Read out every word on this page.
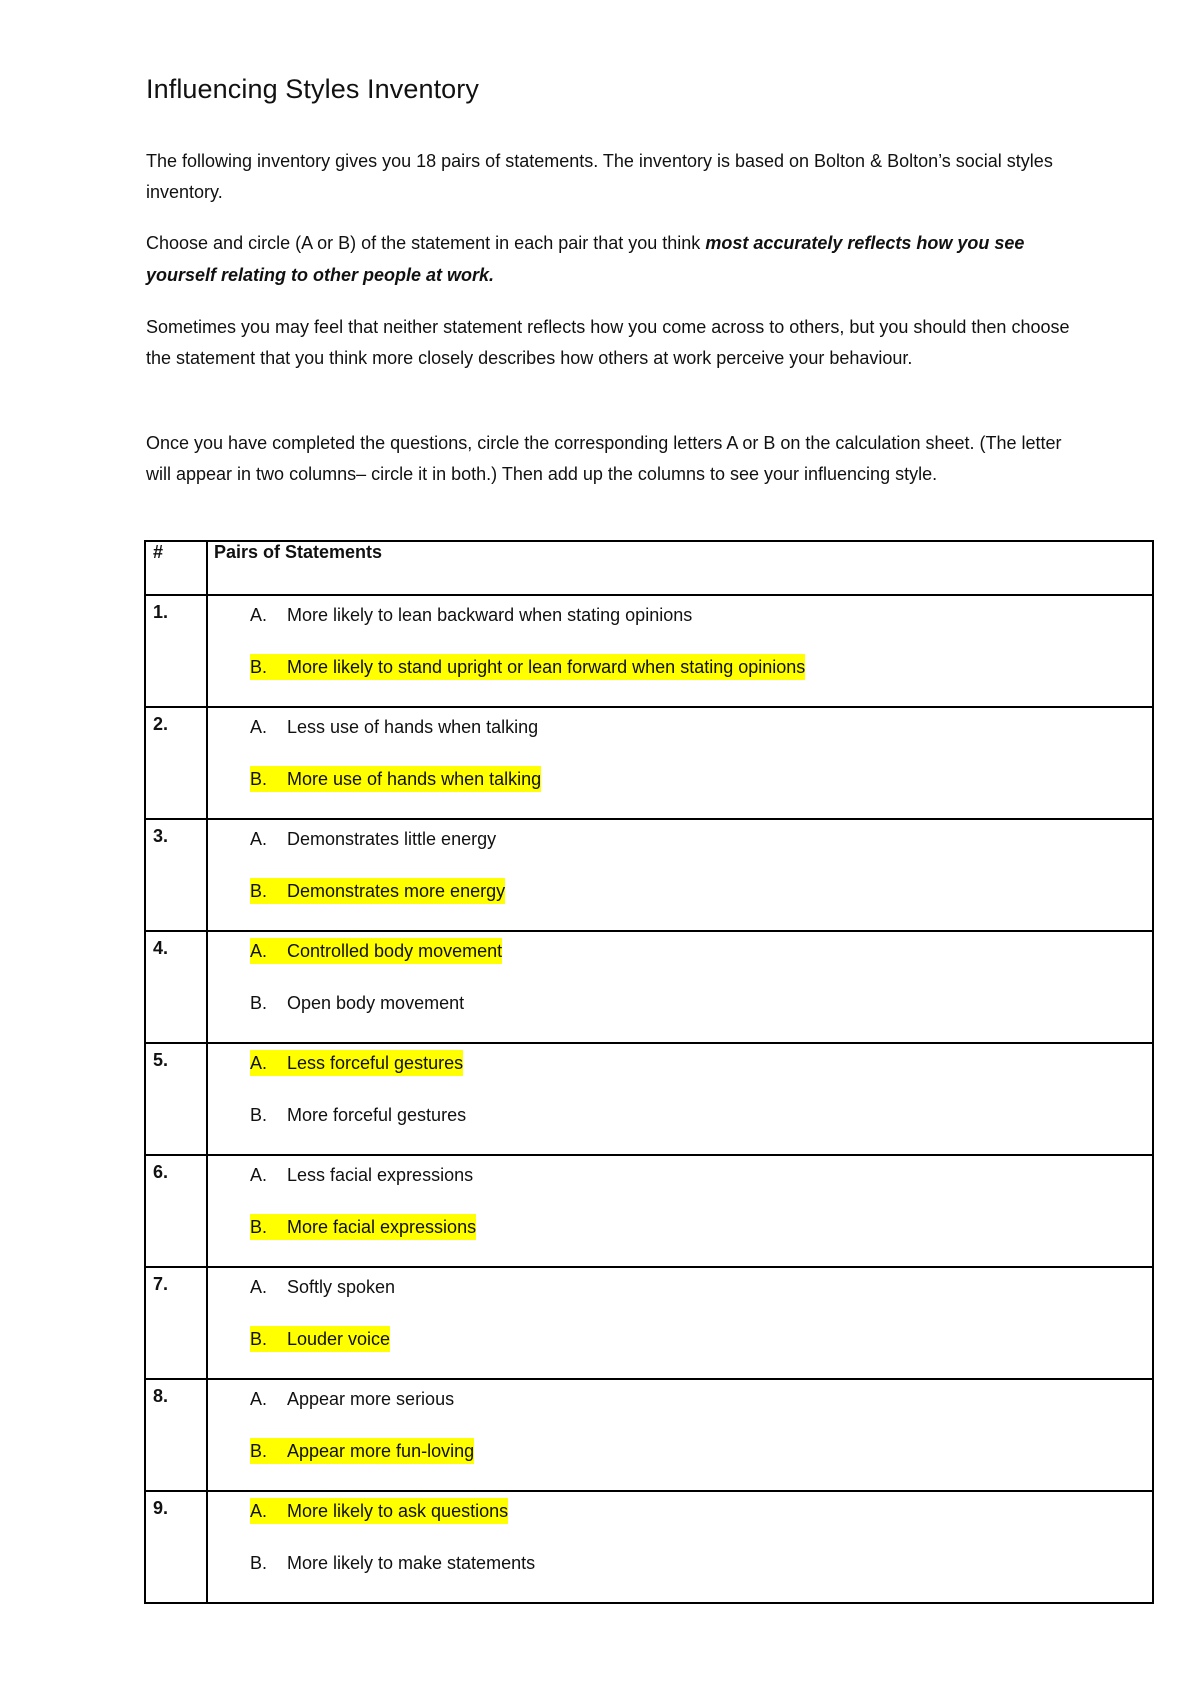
Influencing Styles Inventory

The following inventory gives you 18 pairs of statements. The inventory is based on Bolton & Bolton’s social styles inventory.

Choose and circle (A or B) of the statement in each pair that you think most accurately reflects how you see yourself relating to other people at work.

Sometimes you may feel that neither statement reflects how you come across to others, but you should then choose the statement that you think more closely describes how others at work perceive your behaviour.

Once you have completed the questions, circle the corresponding letters A or B on the calculation sheet. (The letter will appear in two columns– circle it in both.) Then add up the columns to see your influencing style.

#	Pairs of Statements
1.	A. More likely to lean backward when stating opinions
B. More likely to stand upright or lean forward when stating opinions

2.	A. Less use of hands when talking
B. More use of hands when talking

3.	A. Demonstrates little energy
B. Demonstrates more energy

4.	A. Controlled body movement
B. Open body movement

5.	A. Less forceful gestures
B. More forceful gestures

6.	A. Less facial expressions
B. More facial expressions

7.	A. Softly spoken
B. Louder voice

8.	A. Appear more serious
B. Appear more fun-loving

9.	A. More likely to ask questions
B. More likely to make statements
